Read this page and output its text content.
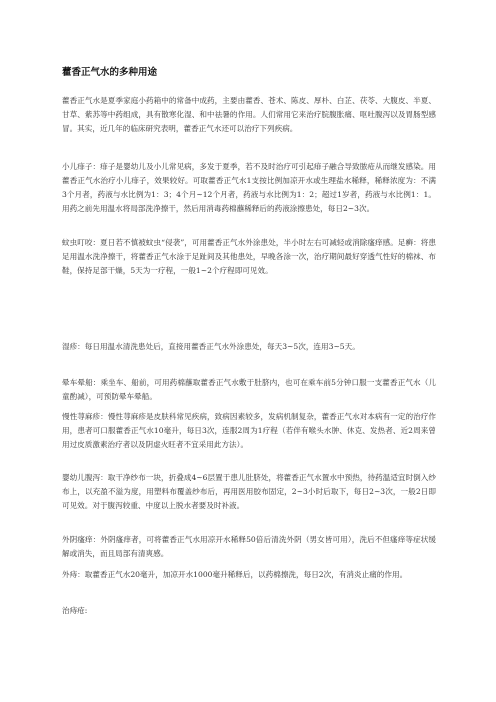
藿香正气水的多种用途

藿香正气水是夏季家庭小药箱中的常备中成药，主要由藿香、苍术、陈皮、厚朴、白芷、茯苓、大腹皮、半夏、甘草、紫苏等中药组成，具有散寒化湿、和中祛暑的作用。人们常用它来治疗脘腹胀痛、呕吐腹泻以及胃肠型感冒。其实，近几年的临床研究表明，藿香正气水还可以治疗下列疾病。

小儿痱子：痱子是婴幼儿及小儿常见病，多发于夏季，若不及时治疗可引起痱子融合导致脓疮从而继发感染。用藿香正气水治疗小儿痱子，效果较好。可取藿香正气水1支按比例加凉开水或生理盐水稀释，稀释浓度为：不满3个月者，药液与水比例为1：3；4个月~12个月者，药液与水比例为1：2；超过1岁者，药液与水比例1：1。用药之前先用温水将局部洗净擦干，然后用消毒药棉蘸稀释后的药液涂擦患处，每日2~3次。

蚊虫叮咬：夏日若不慎被蚊虫“侵袭”，可用藿香正气水外涂患处，半小时左右可减轻或消除瘙痒感。足癣：将患足用温水洗净擦干，将藿香正气水涂于足趾间及其他患处，早晚各涂一次，治疗期间最好穿透气性好的棉袜、布鞋，保持足部干燥，5天为一疗程，一般1~2个疗程即可见效。

湿疹：每日用温水清洗患处后，直接用藿香正气水外涂患处，每天3~5次，连用3~5天。

晕车晕船：乘坐车、船前，可用药棉蘸取藿香正气水敷于肚脐内，也可在乘车前5分钟口服一支藿香正气水（儿童酌减），可预防晕车晕船。

慢性荨麻疹：慢性荨麻疹是皮肤科常见疾病，致病因素较多，发病机制复杂，藿香正气水对本病有一定的治疗作用，患者可口服藿香正气水10毫升，每日3次，连服2周为1疗程（若伴有喉头水肿、休克、发热者、近2周来曾用过皮质激素治疗者以及阴虚火旺者不宜采用此方法）。

婴幼儿腹泻：取干净纱布一块，折叠成4~6层置于患儿肚脐处，将藿香正气水置水中预热，待药温适宜时倒入纱布上，以充盈不溢为度，用塑料布覆盖纱布后，再用医用胶布固定，2~3小时后取下，每日2~3次，一般2日即可见效。对于腹泻较重、中度以上脱水者要及时补液。

外阴瘙痒：外阴瘙痒者，可将藿香正气水用凉开水稀释50倍后清洗外阴（男女皆可用），洗后不但瘙痒等症状缓解或消失，而且局部有清爽感。

外痔：取藿香正气水20毫升，加凉开水1000毫升稀释后，以药棉擦洗，每日2次，有消炎止痛的作用。

治痔疮:
